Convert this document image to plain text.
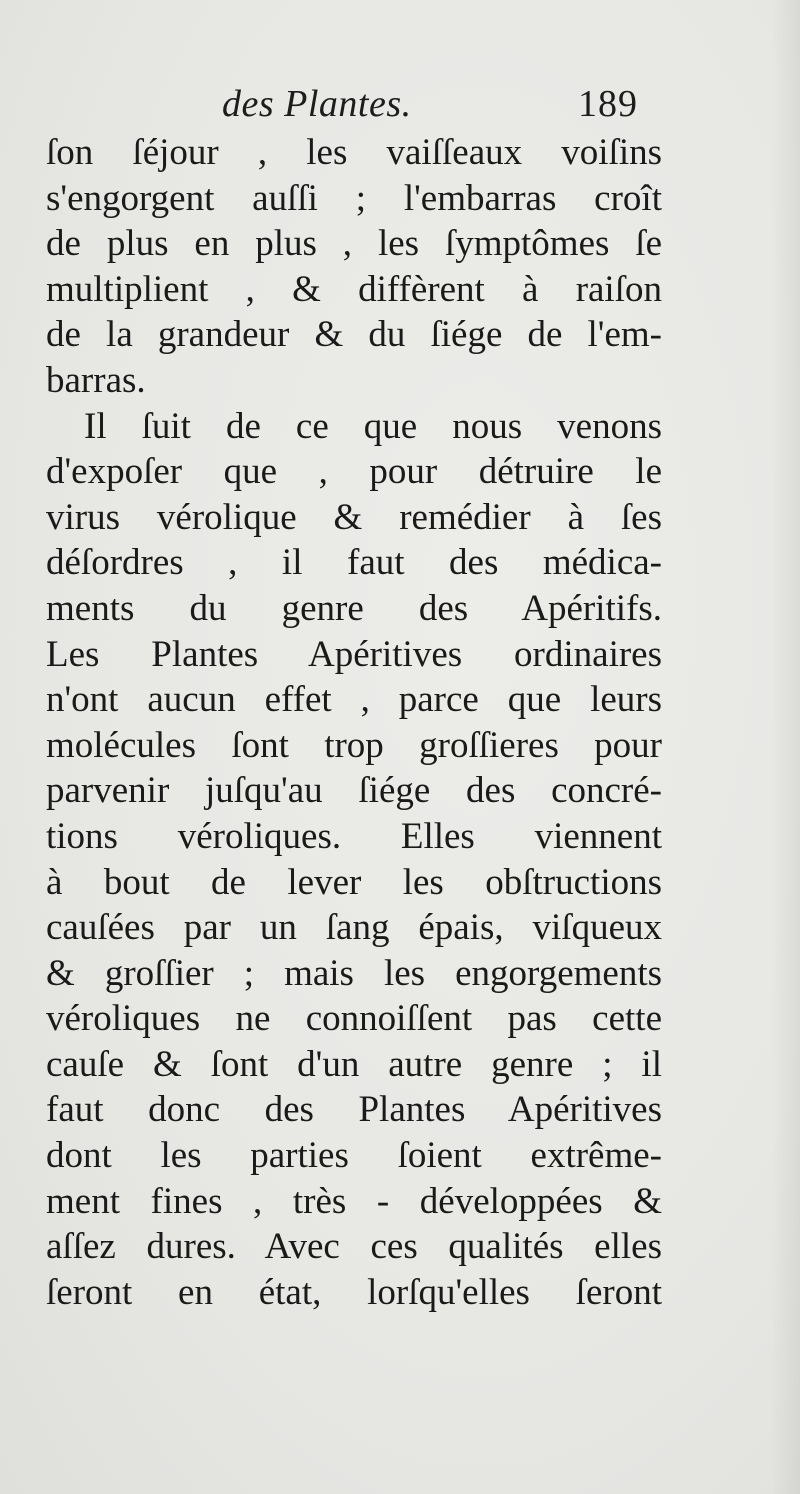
des Plantes.	189
ſon ſéjour , les vaiſſeaux voiſins
s'engorgent auſſi ; l'embarras croît
de plus en plus , les ſymptômes ſe
multiplient , & diffèrent à raiſon
de la grandeur & du ſiége de l'em-
barras.
Il ſuit de ce que nous venons
d'expoſer que , pour détruire le
virus vérolique & remédier à ſes
déſordres , il faut des médica-
ments du genre des Apéritifs.
Les Plantes Apéritives ordinaires
n'ont aucun effet , parce que leurs
molécules ſont trop groſſieres pour
parvenir juſqu'au ſiége des concré-
tions véroliques. Elles viennent
à bout de lever les obſtructions
cauſées par un ſang épais, viſqueux
& groſſier ; mais les engorgements
véroliques ne connoiſſent pas cette
cauſe & ſont d'un autre genre ; il
faut donc des Plantes Apéritives
dont les parties ſoient extrême-
ment fines , très - développées &
aſſez dures. Avec ces qualités elles
ſeront en état, lorſqu'elles ſeront
